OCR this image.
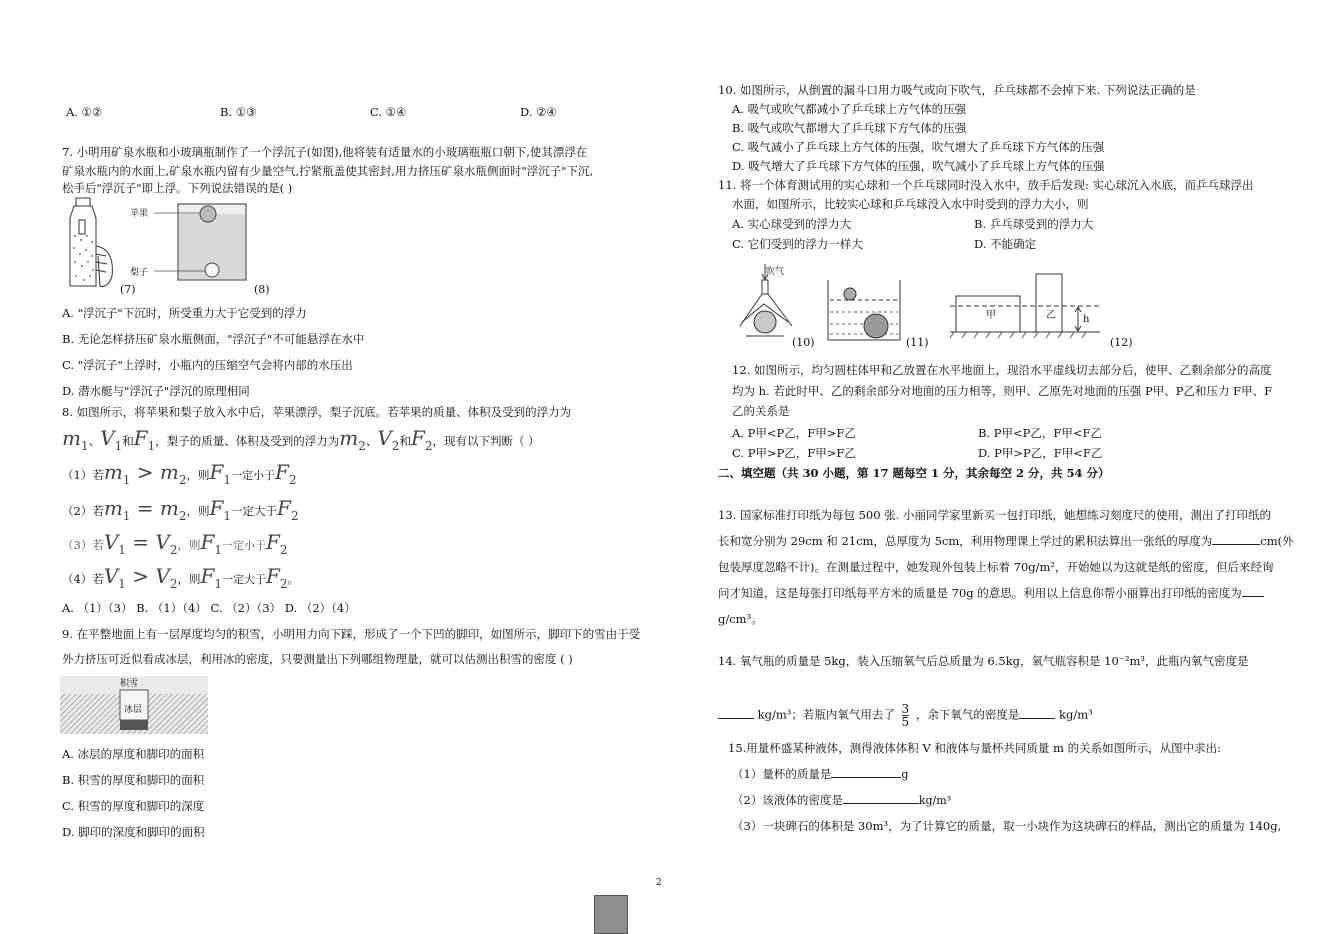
A. ①②	B. ①③	C. ①④	D. ②④
7. 小明用矿泉水瓶和小玻璃瓶制作了一个浮沉子(如图),他将装有适量水的小玻璃瓶瓶口朝下,使其漂浮在
矿泉水瓶内的水面上,矿泉水瓶内留有少量空气,拧紧瓶盖使其密封,用力挤压矿泉水瓶侧面时"浮沉子"下沉,
松手后"浮沉子"即上浮。下列说法错误的是( )
(7)
苹果
梨子
(8)
A. "浮沉子"下沉时，所受重力大于它受到的浮力
B. 无论怎样挤压矿泉水瓶侧面，"浮沉子"不可能悬浮在水中
C. "浮沉子"上浮时，小瓶内的压缩空气会将内部的水压出
D. 潜水艇与"浮沉子"浮沉的原理相同
8. 如图所示，将苹果和梨子放入水中后，苹果漂浮，梨子沉底。若苹果的质量、体积及受到的浮力为
$m_1$、$V_1$和$F_1$，梨子的质量、体积及受到的浮力为$m_2$、$V_2$和$F_2$，现有以下判断（ ）
（1）若$m_1 > m_2$，则$F_1$一定小于$F_2$
（2）若$m_1 = m_2$，则$F_1$一定大于$F_2$
（3）若$V_1 = V_2$，则$F_1$一定小于$F_2$
（4）若$V_1 > V_2$，则$F_1$一定大于$F_2$。
A. （1）（3） B. （1）（4） C. （2）（3） D. （2）（4）
9. 在平整地面上有一层厚度均匀的积雪，小明用力向下踩，形成了一个下凹的脚印，如图所示，脚印下的雪由于受
外力挤压可近似看成冰层，利用冰的密度，只要测量出下列哪组物理量，就可以估测出积雪的密度 ( )
积雪
冰层
A. 冰层的厚度和脚印的面积
B. 积雪的厚度和脚印的面积
C. 积雪的厚度和脚印的深度
D. 脚印的深度和脚印的面积
10. 如图所示，从倒置的漏斗口用力吸气或向下吹气，乒乓球都不会掉下来. 下列说法正确的是
A. 吸气或吹气都减小了乒乓球上方气体的压强
B. 吸气或吹气都增大了乒乓球下方气体的压强
C. 吸气减小了乒乓球上方气体的压强，吹气增大了乒乓球下方气体的压强
D. 吸气增大了乒乓球下方气体的压强，吹气减小了乒乓球上方气体的压强
11. 将一个体育测试用的实心球和一个乒乓球同时没入水中，放手后发现: 实心球沉入水底，而乒乓球浮出
水面，如图所示，比较实心球和乒乓球没入水中时受到的浮力大小，则
A. 实心球受到的浮力大	B. 乒乓球受到的浮力大
C. 它们受到的浮力一样大	D. 不能确定
吹气
(10)	(11)
甲	乙	h
(12)
12. 如图所示，均匀圆柱体甲和乙放置在水平地面上，现沿水平虚线切去部分后，使甲、乙剩余部分的高度
均为 h. 若此时甲、乙的剩余部分对地面的压力相等，则甲、乙原先对地面的压强 P甲、P乙和压力 F甲、F
乙的关系是
A. P甲<P乙，F甲>F乙	B. P甲<P乙，F甲<F乙
C. P甲>P乙，F甲>F乙	D. P甲>P乙，F甲<F乙
二、填空题（共 30 小题，第 17 题每空 1 分，其余每空 2 分，共 54 分）
13. 国家标准打印纸为每包 500 张. 小丽同学家里新买一包打印纸，她想练习刻度尺的使用，测出了打印纸的
长和宽分别为 29cm 和 21cm，总厚度为 5cm，利用物理课上学过的累积法算出一张纸的厚度为	cm(外
包装厚度忽略不计)。在测量过程中，她发现外包装上标着 70g/m²，开始她以为这就是纸的密度，但后来经询
问才知道，这是每张打印纸每平方米的质量是 70g 的意思。利用以上信息你帮小丽算出打印纸的密度为
g/cm³。
14. 氧气瓶的质量是 5kg，装入压缩氧气后总质量为 6.5kg，氧气瓶容积是 10⁻²m³，此瓶内氧气密度是
kg/m³；若瓶内氧气用去了 $\frac{3}{5}$ ，余下氧气的密度是	kg/m³
15.用量杯盛某种液体，测得液体体积 V 和液体与量杯共同质量 m 的关系如图所示，从图中求出:
（1）量杯的质量是	g
（2）该液体的密度是	kg/m³
（3）一块碑石的体积是 30m³，为了计算它的质量，取一小块作为这块碑石的样品，测出它的质量为 140g,
2
